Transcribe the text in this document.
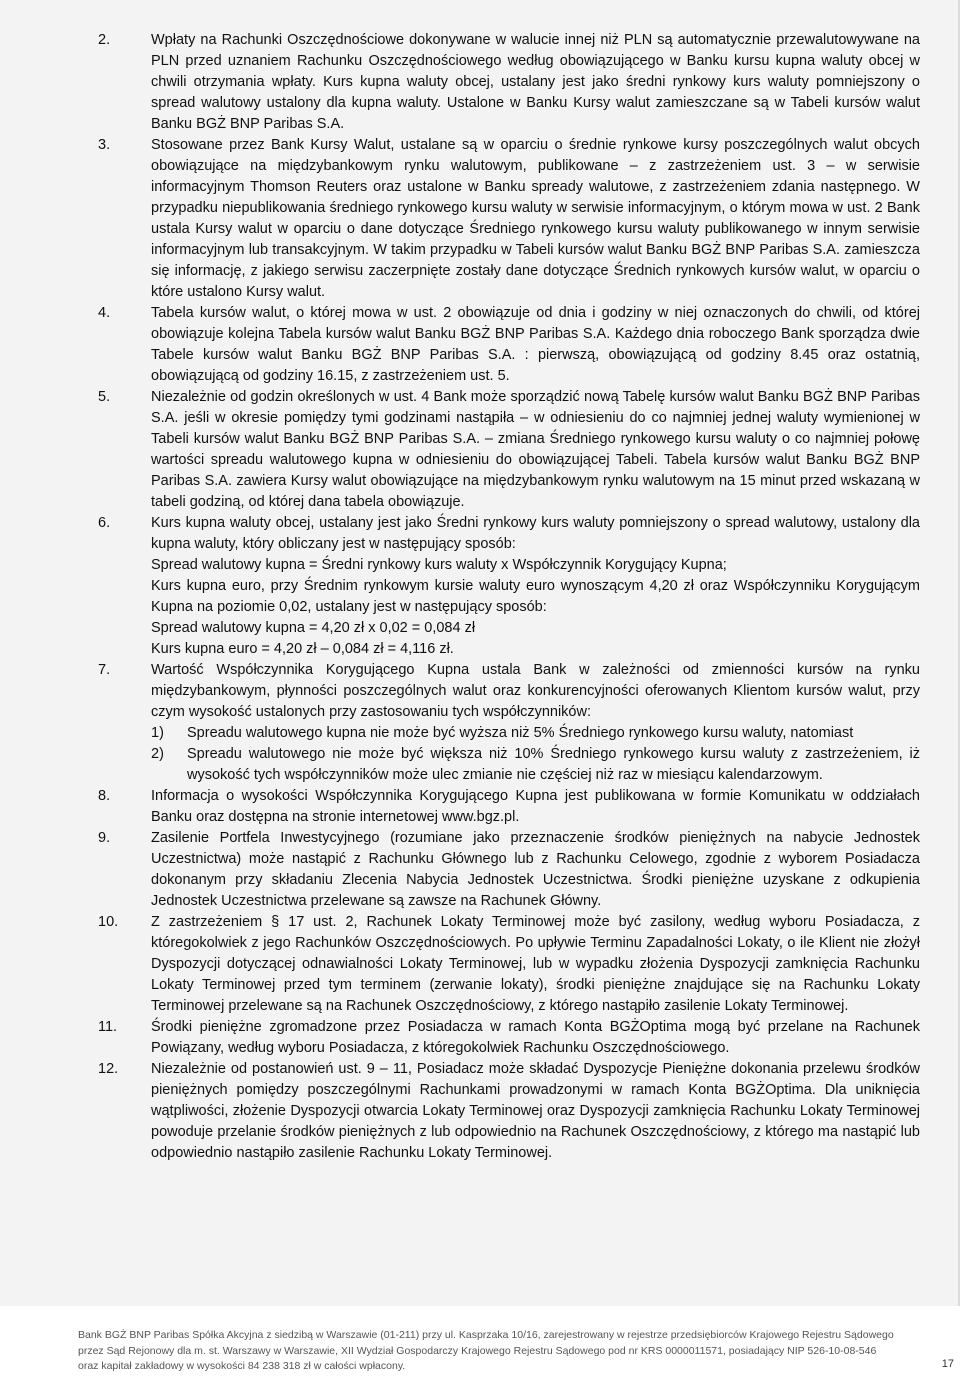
2.	Wpłaty na Rachunki Oszczędnościowe dokonywane w walucie innej niż PLN są automatycznie przewalutowywane na PLN przed uznaniem Rachunku Oszczędnościowego według obowiązującego w Banku kursu kupna waluty obcej w chwili otrzymania wpłaty. Kurs kupna waluty obcej, ustalany jest jako średni rynkowy kurs waluty pomniejszony o spread walutowy ustalony dla kupna waluty. Ustalone w Banku Kursy walut zamieszczane są w Tabeli kursów walut Banku BGŻ BNP Paribas S.A.
3.	Stosowane przez Bank Kursy Walut, ustalane są w oparciu o średnie rynkowe kursy poszczególnych walut obcych obowiązujące na międzybankowym rynku walutowym, publikowane – z zastrzeżeniem ust. 3 – w serwisie informacyjnym Thomson Reuters oraz ustalone w Banku spready walutowe, z zastrzeżeniem zdania następnego. W przypadku niepublikowania średniego rynkowego kursu waluty w serwisie informacyjnym, o którym mowa w ust. 2 Bank ustala Kursy walut w oparciu o dane dotyczące Średniego rynkowego kursu waluty publikowanego w innym serwisie informacyjnym lub transakcyjnym. W takim przypadku w Tabeli kursów walut Banku BGŻ BNP Paribas S.A. zamieszcza się informację, z jakiego serwisu zaczerpnięte zostały dane dotyczące Średnich rynkowych kursów walut, w oparciu o które ustalono Kursy walut.
4.	Tabela kursów walut, o której mowa w ust. 2 obowiązuje od dnia i godziny w niej oznaczonych do chwili, od której obowiązuje kolejna Tabela kursów walut Banku BGŻ BNP Paribas S.A. Każdego dnia roboczego Bank sporządza dwie Tabele kursów walut Banku BGŻ BNP Paribas S.A. : pierwszą, obowiązującą od godziny 8.45 oraz ostatnią, obowiązującą od godziny 16.15, z zastrzeżeniem ust. 5.
5.	Niezależnie od godzin określonych w ust. 4 Bank może sporządzić nową Tabelę kursów walut Banku BGŻ BNP Paribas S.A. jeśli w okresie pomiędzy tymi godzinami nastąpiła – w odniesieniu do co najmniej jednej waluty wymienionej w Tabeli kursów walut Banku BGŻ BNP Paribas S.A. – zmiana Średniego rynkowego kursu waluty o co najmniej połowę wartości spreadu walutowego kupna w odniesieniu do obowiązującej Tabeli. Tabela kursów walut Banku BGŻ BNP Paribas S.A. zawiera Kursy walut obowiązujące na międzybankowym rynku walutowym na 15 minut przed wskazaną w tabeli godziną, od której dana tabela obowiązuje.
6.	Kurs kupna waluty obcej, ustalany jest jako Średni rynkowy kurs waluty pomniejszony o spread walutowy, ustalony dla kupna waluty, który obliczany jest w następujący sposób:
Spread walutowy kupna = Średni rynkowy kurs waluty x Współczynnik Korygujący Kupna;
Kurs kupna euro, przy Średnim rynkowym kursie waluty euro wynoszącym 4,20 zł oraz Współczynniku Korygującym Kupna na poziomie 0,02, ustalany jest w następujący sposób:
Spread walutowy kupna = 4,20 zł x 0,02 = 0,084 zł
Kurs kupna euro = 4,20 zł – 0,084 zł = 4,116 zł.
7.	Wartość Współczynnika Korygującego Kupna ustala Bank w zależności od zmienności kursów na rynku międzybankowym, płynności poszczególnych walut oraz konkurencyjności oferowanych Klientom kursów walut, przy czym wysokość ustalonych przy zastosowaniu tych współczynników:
1) Spreadu walutowego kupna nie może być wyższa niż 5% Średniego rynkowego kursu waluty, natomiast
2) Spreadu walutowego nie może być większa niż 10% Średniego rynkowego kursu waluty z zastrzeżeniem, iż wysokość tych współczynników może ulec zmianie nie częściej niż raz w miesiącu kalendarzowym.
8.	Informacja o wysokości Współczynnika Korygującego Kupna jest publikowana w formie Komunikatu w oddziałach Banku oraz dostępna na stronie internetowej www.bgz.pl.
9.	Zasilenie Portfela Inwestycyjnego (rozumiane jako przeznaczenie środków pieniężnych na nabycie Jednostek Uczestnictwa) może nastąpić z Rachunku Głównego lub z Rachunku Celowego, zgodnie z wyborem Posiadacza dokonanym przy składaniu Zlecenia Nabycia Jednostek Uczestnictwa. Środki pieniężne uzyskane z odkupienia Jednostek Uczestnictwa przelewane są zawsze na Rachunek Główny.
10.	Z zastrzeżeniem § 17 ust. 2, Rachunek Lokaty Terminowej może być zasilony, według wyboru Posiadacza, z któregokolwiek z jego Rachunków Oszczędnościowych. Po upływie Terminu Zapadalności Lokaty, o ile Klient nie złożył Dyspozycji dotyczącej odnawialności Lokaty Terminowej, lub w wypadku złożenia Dyspozycji zamknięcia Rachunku Lokaty Terminowej przed tym terminem (zerwanie lokaty), środki pieniężne znajdujące się na Rachunku Lokaty Terminowej przelewane są na Rachunek Oszczędnościowy, z którego nastąpiło zasilenie Lokaty Terminowej.
11.	Środki pieniężne zgromadzone przez Posiadacza w ramach Konta BGŻOptima mogą być przelane na Rachunek Powiązany, według wyboru Posiadacza, z któregokolwiek Rachunku Oszczędnościowego.
12.	Niezależnie od postanowień ust. 9 – 11, Posiadacz może składać Dyspozycje Pieniężne dokonania przelewu środków pieniężnych pomiędzy poszczególnymi Rachunkami prowadzonymi w ramach Konta BGŻOptima. Dla uniknięcia wątpliwości, złożenie Dyspozycji otwarcia Lokaty Terminowej oraz Dyspozycji zamknięcia Rachunku Lokaty Terminowej powoduje przelanie środków pieniężnych z lub odpowiednio na Rachunek Oszczędnościowy, z którego ma nastąpić lub odpowiednio nastąpiło zasilenie Rachunku Lokaty Terminowej.
Bank BGŻ BNP Paribas Spółka Akcyjna z siedzibą w Warszawie (01-211) przy ul. Kasprzaka 10/16, zarejestrowany w rejestrze przedsiębiorców Krajowego Rejestru Sądowego
przez Sąd Rejonowy dla m. st. Warszawy w Warszawie, XII Wydział Gospodarczy Krajowego Rejestru Sądowego pod nr KRS 0000011571, posiadający NIP 526-10-08-546
oraz kapitał zakładowy w wysokości 84 238 318 zł w całości wpłacony.	17
